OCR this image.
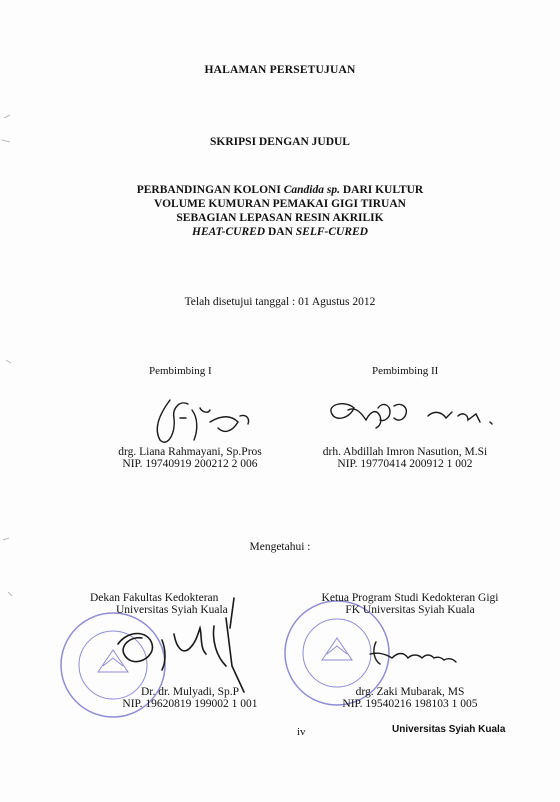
HALAMAN PERSETUJUAN
SKRIPSI DENGAN JUDUL
PERBANDINGAN KOLONI Candida sp. DARI KULTUR
VOLUME KUMURAN PEMAKAI GIGI TIRUAN
SEBAGIAN LEPASAN RESIN AKRILIK
HEAT-CURED DAN SELF-CURED
Telah disetujui tanggal : 01 Agustus 2012
Pembimbing I
drg. Liana Rahmayani, Sp.Pros
NIP. 19740919 200212 2 006
Pembimbing II
drh. Abdillah Imron Nasution, M.Si
NIP. 19770414 200912 1 002
Mengetahui :
Dekan Fakultas Kedokteran
Universitas Syiah Kuala
Dr. dr. Mulyadi, Sp.P
NIP. 19620819 199002 1 001
Ketua Program Studi Kedokteran Gigi
FK Universitas Syiah Kuala
drg. Zaki Mubarak, MS
NIP. 19540216 198103 1 005
iv	Universitas Syiah Kuala
